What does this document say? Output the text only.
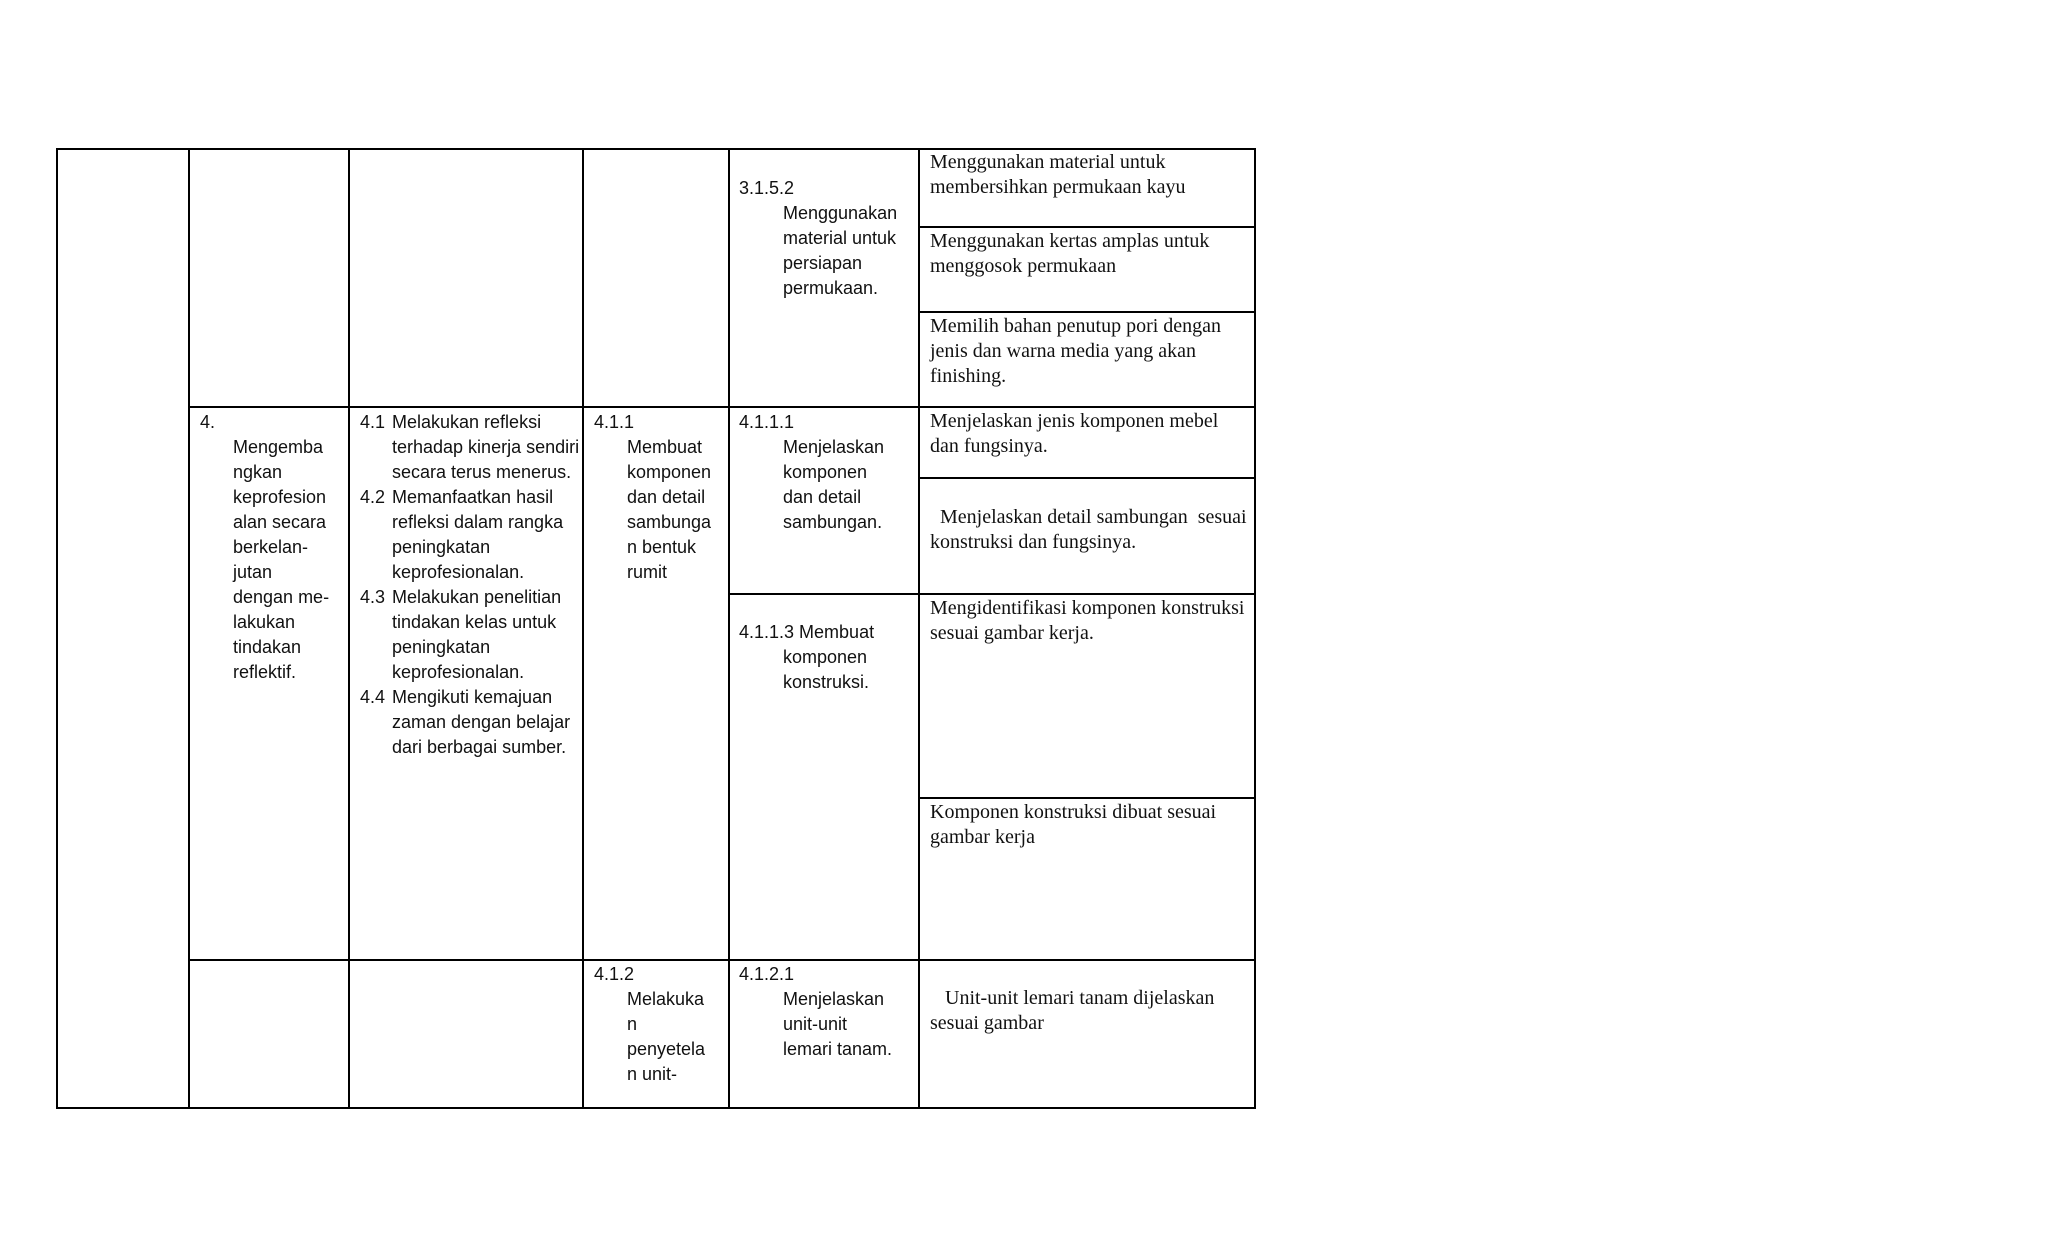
3.1.5.2
Menggunakan
material untuk
persiapan
permukaan.
Menggunakan material untuk membersihkan permukaan kayu
Menggunakan kertas amplas untuk menggosok permukaan
Memilih bahan penutup pori dengan jenis dan warna media yang akan finishing.
4.
Mengemba
ngkan
keprofesion
alan secara
berkelan-
jutan
dengan me-
lakukan
tindakan
reflektif.
4.1 Melakukan refleksi terhadap kinerja sendiri secara terus menerus.
4.2 Memanfaatkan hasil refleksi dalam rangka peningkatan keprofesionalan.
4.3 Melakukan penelitian tindakan kelas untuk peningkatan keprofesionalan.
4.4 Mengikuti kemajuan zaman dengan belajar dari berbagai sumber.
4.1.1
Membuat
komponen
dan detail
sambunga
n bentuk
rumit
4.1.1.1
Menjelaskan
komponen
dan detail
sambungan.
4.1.1.3 Membuat
komponen
konstruksi.
Menjelaskan jenis komponen mebel dan fungsinya.

Menjelaskan detail sambungan  sesuai konstruksi dan fungsinya.

Mengidentifikasi komponen konstruksi sesuai gambar kerja.
Komponen konstruksi dibuat sesuai gambar kerja
4.1.2
Melakuka
n
penyetela
n unit-
4.1.2.1
Menjelaskan
unit-unit
lemari tanam.

Unit-unit lemari tanam dijelaskan sesuai gambar
